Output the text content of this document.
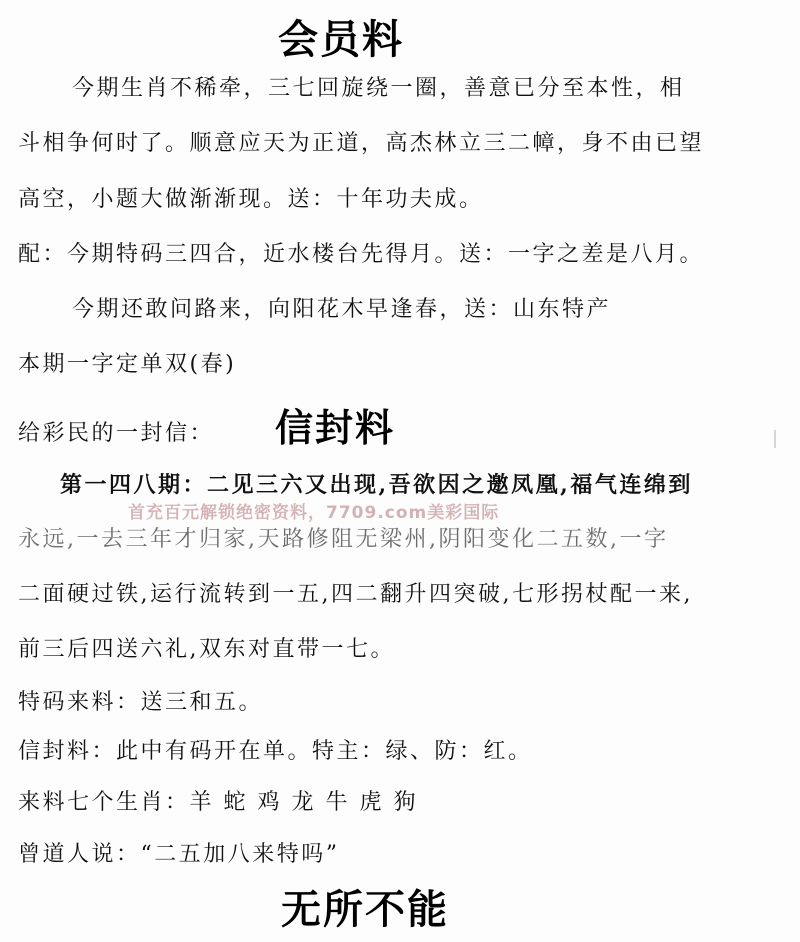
会员料
今期生肖不稀牵，三七回旋绕一圈，善意已分至本性，相
斗相争何时了。顺意应天为正道，高杰林立三二幛，身不由已望
高空，小题大做渐渐现。送：十年功夫成。
配：今期特码三四合，近水楼台先得月。送：一字之差是八月。
今期还敢问路来，向阳花木早逢春，送：山东特产
本期一字定单双(春)
给彩民的一封信： 信封料
第一四八期：二见三六又出现,吾欲因之邀凤凰,福气连绵到
永远,一去三年才归家,天路修阻无梁州,阴阳变化二五数,一字
二面硬过铁,运行流转到一五,四二翻升四突破,七形拐杖配一来,
前三后四送六礼,双东对直带一七。
特码来料：送三和五。
信封料：此中有码开在单。特主：绿、防：红。
来料七个生肖：羊 蛇 鸡 龙 牛 虎 狗
曾道人说：“二五加八来特吗”
首充百元解锁绝密资料，7709.com美彩国际
无所不能
